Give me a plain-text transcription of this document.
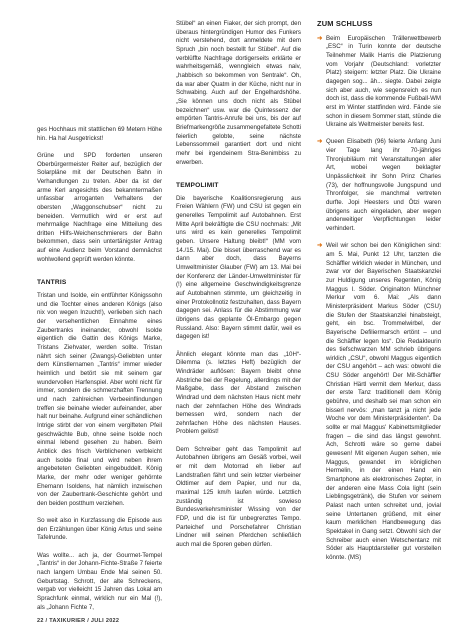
ges Hochhaus mit stattlichen 69 Metern Höhe hin. Ha ha! Ausgetrickst!

Grüne und SPD forderten unseren Oberbürgermeister Reiter auf, bezüglich der Solarpläne mit der Deutschen Bahn in Verhandlungen zu treten. Aber da ist der arme Kerl angesichts des bekanntermaßen unfassbar arroganten Verhaltens der obersten „Waggonschubser“ nicht zu beneiden. Vermutlich wird er erst auf mehrmalige Nachfrage eine Mitteilung des dritten Hilfs-Weichenschmierers der Bahn bekommen, dass sein untertänigster Antrag auf eine Audienz beim Vorstand demnächst wohlwollend geprüft werden könnte.

TANTRIS

Tristan und Isolde, ein entführter Königssohn und die Tochter eines anderen Königs (also nix von wegen Inzucht!), verlieben sich nach der versehentlichen Einnahme eines Zaubertranks ineinander, obwohl Isolde eigentlich die Gattin des Königs Marke, Tristans Ziehvater, werden sollte. Tristan nährt sich seiner (Zwangs)-Geliebten unter dem Künstlernamen „Tantris“ immer wieder heimlich und betört sie mit seinem gar wundervollen Harfenspiel. Aber wohl nicht für immer, sondern die schmerzhaften Trennung und nach zahlreichen Verbeeinflindungen treffen sie beinahe wieder aufeinander, aber halt nur beinahe. Aufgrund einer schändlichen Intrige stirbt der von einem vergifteten Pfeil geschwächte Bub, ohne seine Isolde noch einmal lebend gesehen zu haben. Beim Anblick des frisch Verblichenen verbleicht auch Isolde final und wird neben ihrem angebeteten Geliebten eingebuddelt. König Marke, der mehr oder weniger gehörnte Ehemann Isoldens, hat nämlich inzwischen von der Zaubertrank-Geschichte gehört und den beiden postthum verziehen.

So weit also in Kurzfassung die Episode aus den Erzählungen über König Artus und seine Tafelrunde.

Was wollte... ach ja, der Gourmet-Tempel „Tantris“ in der Johann-Fichte-Straße 7 feierte nach langem Umbau Ende Mai seinen 50. Geburtstag. Schrott, der alte Schreckens, vergab vor vielleicht 15 Jahren das Lokal am Sprachfunk einmal, wirklich nur ein Mal (!), als „Johann Fichte 7,

Stübel“ an einen Fiaker, der sich prompt, den überaus hintergründigen Humor des Funkers nicht verstehend, dort anmeldete mit dem Spruch „bin noch bestellt fur Stübel“. Auf die verblüffte Nachfrage dortigerseits erklärte er wahrheitsgemäß, wenngleich etwas naiv, „habbisch so bekommen von Sentrale“. Oh, da war aber Quatm in der Küche, nicht nur in Schwabing. Auch auf der Engelhardshöhe. „Sie können uns doch nicht als Stübel bezeichnen“ usw. war die Quintessenz der empörten Tantris-Anrufe bei uns, bis der auf Briefmarkengröße zusammengefaltete Schotti feierlich gelobte, seine nächste Lebenssommeil garantiert dort und nicht mehr bei irgendeinem Stra-Benimbiss zu erwerben.

TEMPOLIMIT

Die bayerische Koalitionsregierung aus Freien Wählern (FW) und CSU ist gegen ein generelles Tempolimit auf Autobahnen. Erst Mitte April bekräftigte die CSU nochmals: „Mit uns wird es kein generelles Tempolimit geben. Unsere Haltung bleibt!“ (MM vom 14./15. Mai). Die bisset überraschend war es dann aber doch, dass Bayerns Umweltminister Glauber (FW) am 13. Mai bei der Konferenz der Länder-Umweltminister für (!) eine allgemeine Geschwindigkeitsgrenze auf Autobahnen stimmte, um gleichzeitig in einer Protokollnotiz festzuhalten, dass Bayern dagegen sei. Anlass für die Abstimmung war übrigens das geplante Öl-Embargo gegen Russland. Also: Bayern stimmt dafür, weil es dagegen ist!

Ähnlich elegant könnte man das „10H“-Dilemma (s. letztes Heft) bezüglich der Windräder auflösen: Bayern bleibt ohne Abstriche bei der Regelung, allerdings mit der Maßgabe, dass der Abstand zwischen Windrad und dem nächsten Haus nicht mehr nach der zehnfachen Höhe des Windrads bemessen wird, sondern nach der zehnfachen Höhe des nächsten Hauses. Problem gelöst!

Dem Schreiber geht das Tempolimit auf Autobahnen übrigens am Gesäß vorbei, weil er mit dem Motorrad eh lieber auf Landstraßen fährt und sein letzter vierbeiner Oldtimer auf dem Papier, und nur da, maximal 125 km/h laufen würde. Letztlich zuständig ist sowieso Bundesverkehrsminister Wissing von der FDP, und die ist für unbegrenztes Tempo. Parteichef und Porschefahrer Christian Lindner will seinen Pferdchen schließlich auch mal die Sporen geben dürfen.

ZUM SCHLUSS
➜ Beim Europäischen Trällerwettbewerb „ESC“ in Turin konnte der deutsche Teilnehmer Malik Harris die Platzierung vom Vorjahr (Deutschland: vorletzter Platz) steigern: letzter Platz. Die Ukraine dagegen sog... äh... siegte. Dabei zeigte sich aber auch, wie segensreich es nun doch ist, dass die kommende Fußball-WM erst im Winter stattfinden wird. Fände sie schon in diesem Sommer statt, stünde die Ukraine als Weltmeister bereits fest.
➜ Queen Elisabeth (96) feierte Anfang Juni vier Tage lang ihr 70-jähriges Thronjubiläum mit Veranstaltungen aller Art, wobei wegen beklagter Unpässlichkeit ihr Sohn Prinz Charles (73), der hoffnungsvolle Jungspund und Thronfolger, sie manchmal vertreten durfte. Jopi Heesters und Ötzi waren übrigens auch eingeladen, aber wegen anderweitiger Verpflichtungen leider verhindert.
➜ Weil wir schon bei den Königlichen sind: am 5. Mai, Punkt 12 Uhr, tanzten die Schäffler wirklich wieder in München, und zwar vor der Bayerischen Staatskanzlei zur Huldigung unseres Regenten, König Maggus I. Söder. Originalton Münchner Merkur vom 6. Mai: „Als dann Ministerpräsident Markus Söder (CSU) die Stufen der Staatskanzlei hinabsteigt, geht, ein bsc. Trommelwirbel, der Bayerische Defiliermarsch ertönt – und die Schäffler legen los“. Die Redakteurin des tiefschwarzen MM schrieb übrigens wirklich „CSU“, obwohl Maggus eigentlich der CSU angehört – ach was: obwohl die CSU Söder angehört! Der Mit-Schäffler Christian Härtl vermit dem Merkur, dass der erste Tanz traditionell dem König gebühre, und deshalb sei man schon ein bisserl nervös: „man tanzt ja nicht jede Woche vor dem Ministerpräsidenten“. Da sollte er mal Maggus' Kabinettsmitglieder fragen – die sind das längst gewohnt. Ach, Schrotti wäre so gerne dabei gewesen! Mit eigenen Augen sehen, wie Maggus, gewandet im königlichen Hermelin, in der einen Hand ein Smartphone als elektronisches Zepter, in der anderen eine Mass Cola light (sein Lieblingsgetränk), die Stufen vor seinem Palast nach unten schreitet und, jovial seine Untertanen grüßend, mit einer kaum merklichen Handbewegung das Spektakel in Gang setzt. Obwohl sich der Schreiber auch einen Wetschentanz mit Söder als Hauptdarsteller gut vorstellen könnte. (MS)
22 / TAXIKURIER / JULI 2022
